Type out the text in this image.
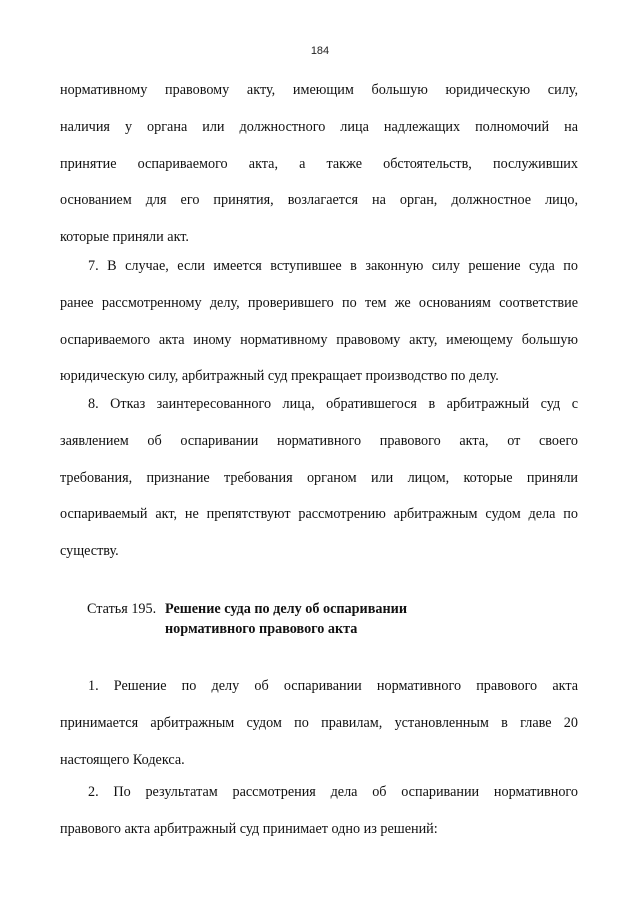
184
нормативному правовому акту, имеющим большую юридическую силу,
наличия у органа или должностного лица надлежащих полномочий на
принятие оспариваемого акта, а также обстоятельств, послуживших
основанием для его принятия, возлагается на орган, должностное лицо,
которые приняли акт.
7. В случае, если имеется вступившее в законную силу решение суда по
ранее рассмотренному делу, проверившего по тем же основаниям соответствие
оспариваемого акта иному нормативному правовому акту, имеющему большую
юридическую силу, арбитражный суд прекращает производство по делу.
8. Отказ заинтересованного лица, обратившегося в арбитражный суд с
заявлением об оспаривании нормативного правового акта, от своего
требования, признание требования органом или лицом, которые приняли
оспариваемый акт, не препятствуют рассмотрению арбитражным судом дела по
существу.
Статья 195. Решение суда по делу об оспаривании
нормативного правового акта
1. Решение по делу об оспаривании нормативного правового акта
принимается арбитражным судом по правилам, установленным в главе 20
настоящего Кодекса.
2. По результатам рассмотрения дела об оспаривании нормативного
правового акта арбитражный суд принимает одно из решений:
